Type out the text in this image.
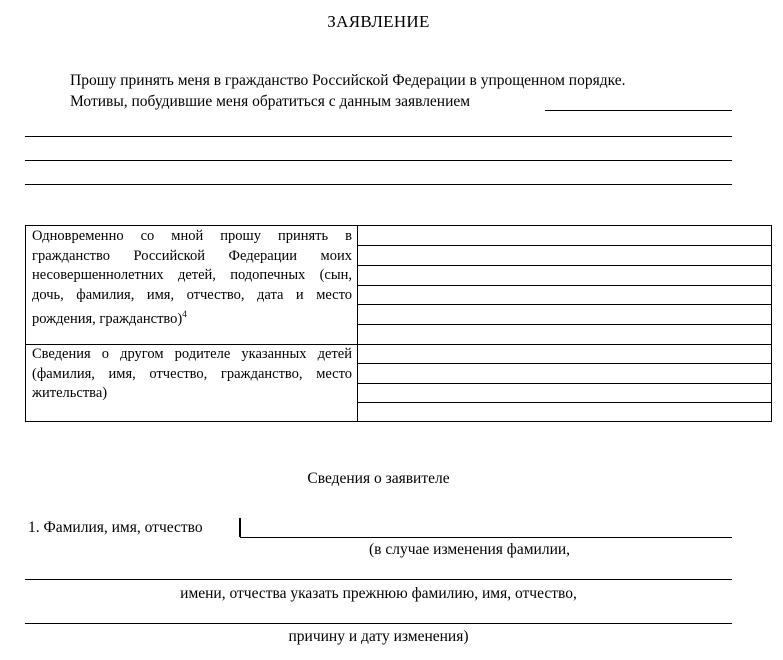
ЗАЯВЛЕНИЕ
Прошу принять меня в гражданство Российской Федерации в упрощенном порядке.
Мотивы, побудившие меня обратиться с данным заявлением
Одновременно со мной прошу принять в гражданство Российской Федерации моих несовершеннолетних детей, подопечных (сын, дочь, фамилия, имя, отчество, дата и место рождения, гражданство)$^4$
Сведения о другом родителе указанных детей (фамилия, имя, отчество, гражданство, место жительства)
Сведения о заявителе
1. Фамилия, имя, отчество
(в случае изменения фамилии,
имени, отчества указать прежнюю фамилию, имя, отчество,
причину и дату изменения)
